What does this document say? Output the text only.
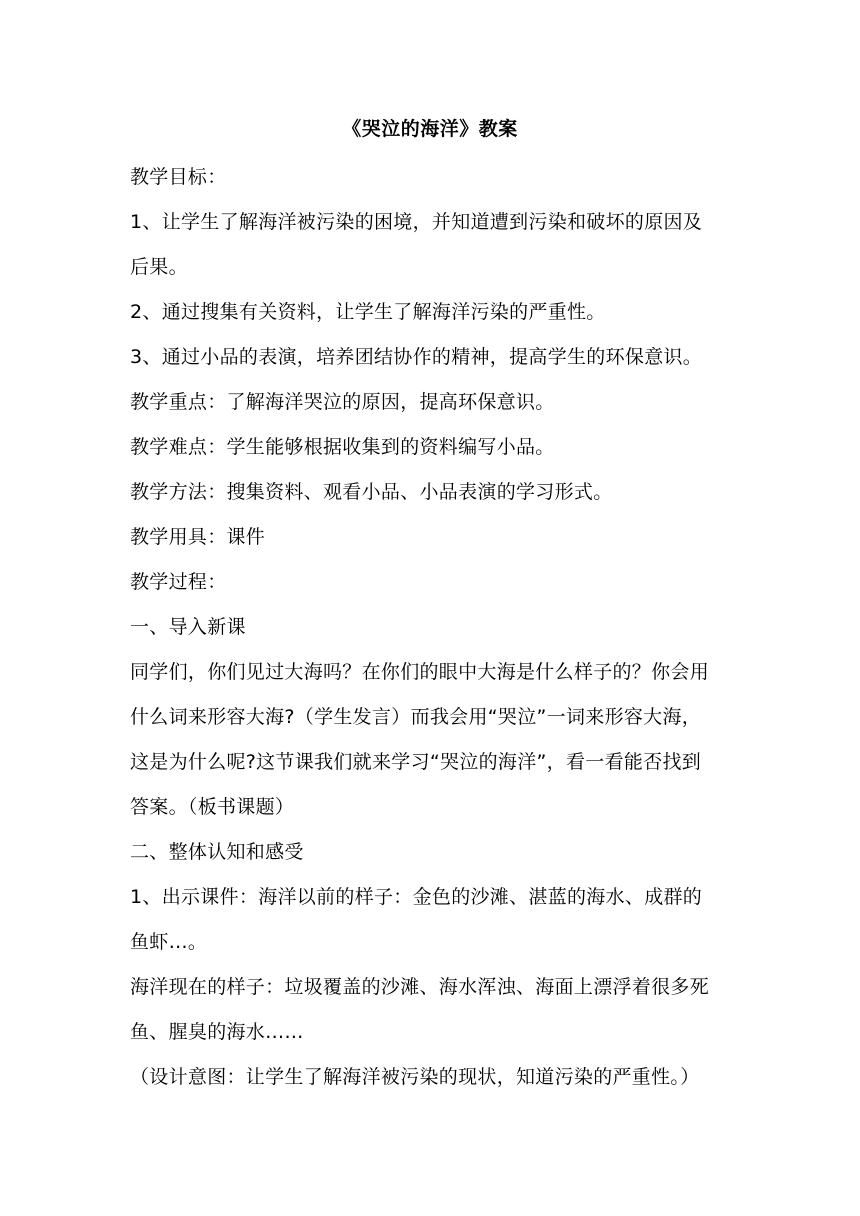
《哭泣的海洋》教案
教学目标：
1、让学生了解海洋被污染的困境，并知道遭到污染和破坏的原因及
后果。
2、通过搜集有关资料，让学生了解海洋污染的严重性。
3、通过小品的表演，培养团结协作的精神，提高学生的环保意识。
教学重点：了解海洋哭泣的原因，提高环保意识。
教学难点：学生能够根据收集到的资料编写小品。
教学方法：搜集资料、观看小品、小品表演的学习形式。
教学用具：课件
教学过程：
一、导入新课
同学们，你们见过大海吗？在你们的眼中大海是什么样子的？你会用
什么词来形容大海?（学生发言）而我会用“哭泣”一词来形容大海，
这是为什么呢?这节课我们就来学习“哭泣的海洋”，看一看能否找到
答案。（板书课题）
二、整体认知和感受
1、出示课件：海洋以前的样子：金色的沙滩、湛蓝的海水、成群的
鱼虾…。
海洋现在的样子：垃圾覆盖的沙滩、海水浑浊、海面上漂浮着很多死
鱼、腥臭的海水……
（设计意图：让学生了解海洋被污染的现状，知道污染的严重性。）
